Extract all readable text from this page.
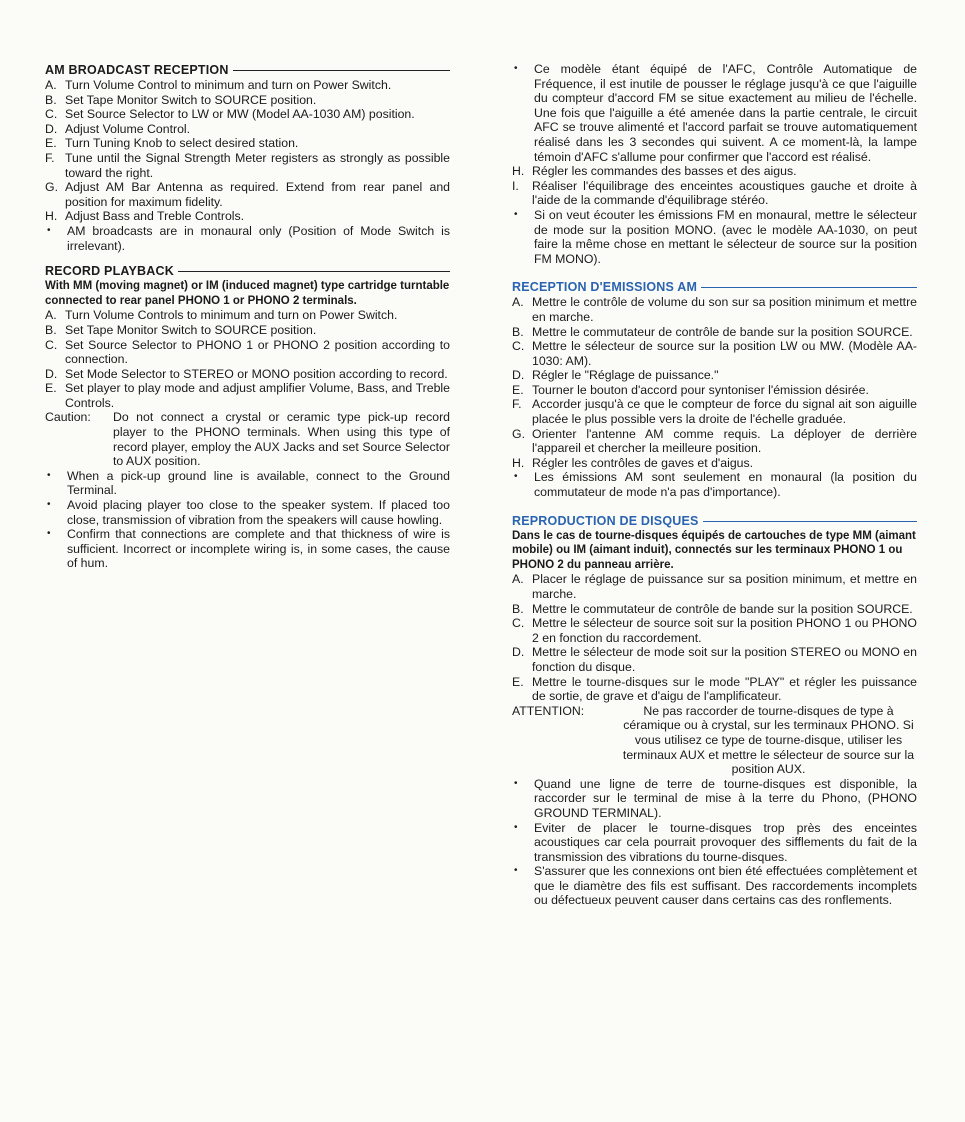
AM BROADCAST RECEPTION
A. Turn Volume Control to minimum and turn on Power Switch.
B. Set Tape Monitor Switch to SOURCE position.
C. Set Source Selector to LW or MW (Model AA-1030 AM) position.
D. Adjust Volume Control.
E. Turn Tuning Knob to select desired station.
F. Tune until the Signal Strength Meter registers as strongly as possible toward the right.
G. Adjust AM Bar Antenna as required. Extend from rear panel and position for maximum fidelity.
H. Adjust Bass and Treble Controls.
•	AM broadcasts are in monaural only (Position of Mode Switch is irrelevant).
RECORD PLAYBACK

With MM (moving magnet) or IM (induced magnet) type cartridge turntable connected to rear panel PHONO 1 or PHONO 2 terminals.

A. Turn Volume Controls to minimum and turn on Power Switch.
B. Set Tape Monitor Switch to SOURCE position.
C. Set Source Selector to PHONO 1 or PHONO 2 position according to connection.
D. Set Mode Selector to STEREO or MONO position according to record.
E. Set player to play mode and adjust amplifier Volume, Bass, and Treble Controls.
Caution:	Do not connect a crystal or ceramic type pick-up record player to the PHONO terminals. When using this type of record player, employ the AUX Jacks and set Source Selector to AUX position.
•	When a pick-up ground line is available, connect to the Ground Terminal.
•	Avoid placing player too close to the speaker system. If placed too close, transmission of vibration from the speakers will cause howling.
•	Confirm that connections are complete and that thickness of wire is sufficient. Incorrect or incomplete wiring is, in some cases, the cause of hum.
•	Ce modèle étant équipé de l'AFC, Contrôle Automatique de Fréquence, il est inutile de pousser le réglage jusqu'à ce que l'aiguille du compteur d'accord FM se situe exactement au milieu de l'échelle. Une fois que l'aiguille a été amenée dans la partie centrale, le circuit AFC se trouve alimenté et l'accord parfait se trouve automatiquement réalisé dans les 3 secondes qui suivent. A ce moment-là, la lampe témoin d'AFC s'allume pour confirmer que l'accord est réalisé.
H. Régler les commandes des basses et des aigus.
I.	Réaliser l'équilibrage des enceintes acoustiques gauche et droite à l'aide de la commande d'équilibrage stéréo.
•	Si on veut écouter les émissions FM en monaural, mettre le sélecteur de mode sur la position MONO. (avec le modèle AA-1030, on peut faire la même chose en mettant le sélecteur de source sur la position FM MONO).
RECEPTION D'EMISSIONS AM
A. Mettre le contrôle de volume du son sur sa position minimum et mettre en marche.
B. Mettre le commutateur de contrôle de bande sur la position SOURCE.
C. Mettre le sélecteur de source sur la position LW ou MW. (Modèle AA-1030: AM).
D. Régler le "Réglage de puissance."
E. Tourner le bouton d'accord pour syntoniser l'émission désirée.
F. Accorder jusqu'à ce que le compteur de force du signal ait son aiguille placée le plus possible vers la droite de l'échelle graduée.
G. Orienter l'antenne AM comme requis. La déployer de derrière l'appareil et chercher la meilleure position.
H. Régler les contrôles de gaves et d'aigus.
•	Les émissions AM sont seulement en monaural (la position du commutateur de mode n'a pas d'importance).
REPRODUCTION DE DISQUES

Dans le cas de tourne-disques équipés de cartouches de type MM (aimant mobile) ou IM (aimant induit), connectés sur les terminaux PHONO 1 ou PHONO 2 du panneau arrière.

A. Placer le réglage de puissance sur sa position minimum, et mettre en marche.
B. Mettre le commutateur de contrôle de bande sur la position SOURCE.
C. Mettre le sélecteur de source soit sur la position PHONO 1 ou PHONO 2 en fonction du raccordement.
D. Mettre le sélecteur de mode soit sur la position STEREO ou MONO en fonction du disque.
E. Mettre le tourne-disques sur le mode "PLAY" et régler les puissance de sortie, de grave et d'aigu de l'amplificateur.
ATTENTION:	Ne pas raccorder de tourne-disques de type à céramique ou à crystal, sur les terminaux PHONO. Si vous utilisez ce type de tourne-disque, utiliser les terminaux AUX et mettre le sélecteur de source sur la position AUX.
•	Quand une ligne de terre de tourne-disques est disponible, la raccorder sur le terminal de mise à la terre du Phono, (PHONO GROUND TERMINAL).
•	Eviter de placer le tourne-disques trop près des enceintes acoustiques car cela pourrait provoquer des sifflements du fait de la transmission des vibrations du tourne-disques.
•	S'assurer que les connexions ont bien été effectuées complètement et que le diamètre des fils est suffisant. Des raccordements incomplets ou défectueux peuvent causer dans certains cas des ronflements.
